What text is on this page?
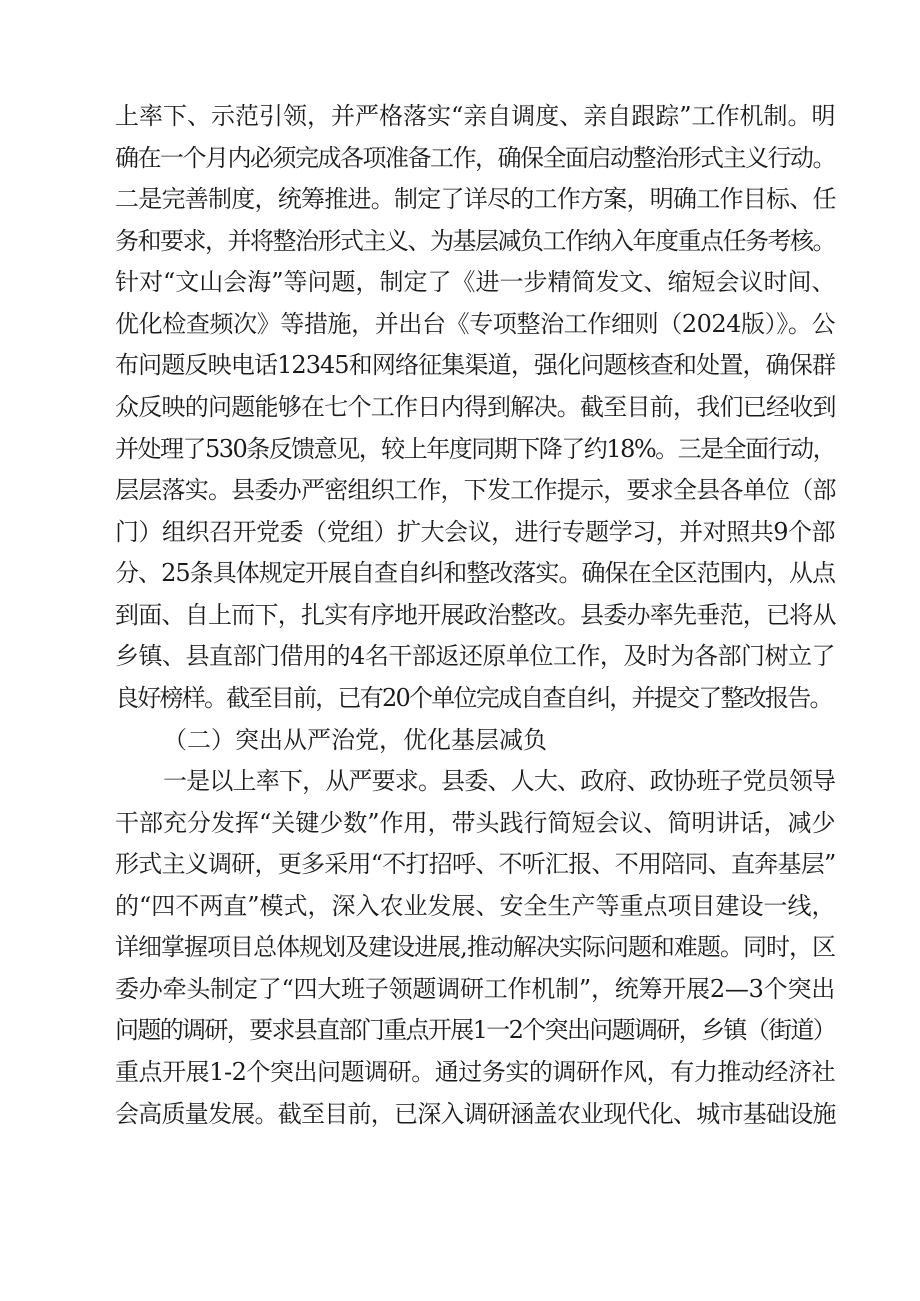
上率下、示范引领，并严格落实“亲自调度、亲自跟踪”工作机制。明
确在一个月内必须完成各项准备工作，确保全面启动整治形式主义行动。
二是完善制度，统筹推进。制定了详尽的工作方案，明确工作目标、任
务和要求，并将整治形式主义、为基层减负工作纳入年度重点任务考核。
针对“文山会海”等问题，制定了《进一步精简发文、缩短会议时间、
优化检查频次》等措施，并出台《专项整治工作细则（2024版）》。公
布问题反映电话12345和网络征集渠道，强化问题核查和处置，确保群
众反映的问题能够在七个工作日内得到解决。截至目前，我们已经收到
并处理了530条反馈意见，较上年度同期下降了约18%。三是全面行动，
层层落实。县委办严密组织工作，下发工作提示，要求全县各单位（部
门）组织召开党委（党组）扩大会议，进行专题学习，并对照共9个部
分、25条具体规定开展自查自纠和整改落实。确保在全区范围内，从点
到面、自上而下，扎实有序地开展政治整改。县委办率先垂范，已将从
乡镇、县直部门借用的4名干部返还原单位工作，及时为各部门树立了
良好榜样。截至目前，已有20个单位完成自查自纠，并提交了整改报告。
（二）突出从严治党，优化基层减负
一是以上率下，从严要求。县委、人大、政府、政协班子党员领导
干部充分发挥“关键少数”作用，带头践行简短会议、简明讲话，减少
形式主义调研，更多采用“不打招呼、不听汇报、不用陪同、直奔基层”
的“四不两直”模式，深入农业发展、安全生产等重点项目建设一线，
详细掌握项目总体规划及建设进展,推动解决实际问题和难题。同时，区
委办牵头制定了“四大班子领题调研工作机制”，统筹开展2—3个突出
问题的调研，要求县直部门重点开展1一2个突出问题调研，乡镇（街道）
重点开展1-2个突出问题调研。通过务实的调研作风，有力推动经济社
会高质量发展。截至目前，已深入调研涵盖农业现代化、城市基础设施
